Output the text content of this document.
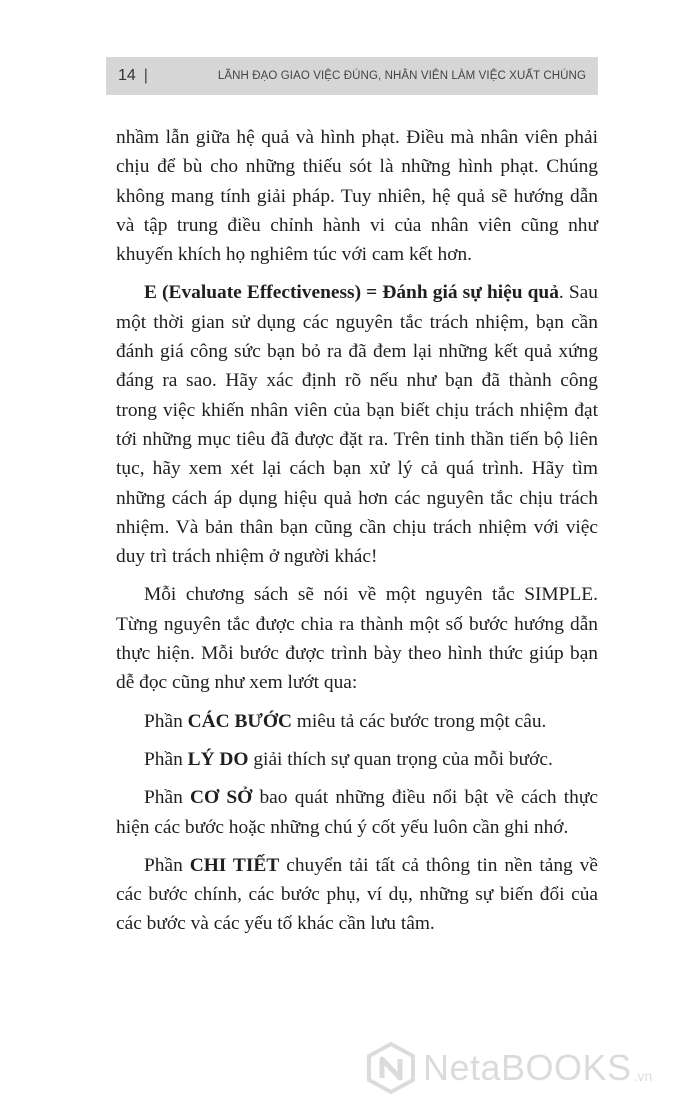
14 |	LÃNH ĐẠO GIAO VIỆC ĐÚNG, NHÂN VIÊN LÀM VIỆC XUẤT CHÚNG

nhầm lẫn giữa hệ quả và hình phạt. Điều mà nhân viên phải chịu để bù cho những thiếu sót là những hình phạt. Chúng không mang tính giải pháp. Tuy nhiên, hệ quả sẽ hướng dẫn và tập trung điều chỉnh hành vi của nhân viên cũng như khuyến khích họ nghiêm túc với cam kết hơn.

E (Evaluate Effectiveness) = Đánh giá sự hiệu quả. Sau một thời gian sử dụng các nguyên tắc trách nhiệm, bạn cần đánh giá công sức bạn bỏ ra đã đem lại những kết quả xứng đáng ra sao. Hãy xác định rõ nếu như bạn đã thành công trong việc khiến nhân viên của bạn biết chịu trách nhiệm đạt tới những mục tiêu đã được đặt ra. Trên tinh thần tiến bộ liên tục, hãy xem xét lại cách bạn xử lý cả quá trình. Hãy tìm những cách áp dụng hiệu quả hơn các nguyên tắc chịu trách nhiệm. Và bản thân bạn cũng cần chịu trách nhiệm với việc duy trì trách nhiệm ở người khác!

Mỗi chương sách sẽ nói về một nguyên tắc SIMPLE. Từng nguyên tắc được chia ra thành một số bước hướng dẫn thực hiện. Mỗi bước được trình bày theo hình thức giúp bạn dễ đọc cũng như xem lướt qua:

Phần CÁC BƯỚC miêu tả các bước trong một câu.

Phần LÝ DO giải thích sự quan trọng của mỗi bước.

Phần CƠ SỞ bao quát những điều nổi bật về cách thực hiện các bước hoặc những chú ý cốt yếu luôn cần ghi nhớ.

Phần CHI TIẾT chuyển tải tất cả thông tin nền tảng về các bước chính, các bước phụ, ví dụ, những sự biến đổi của các bước và các yếu tố khác cần lưu tâm.

NetaBOOKS .vn
